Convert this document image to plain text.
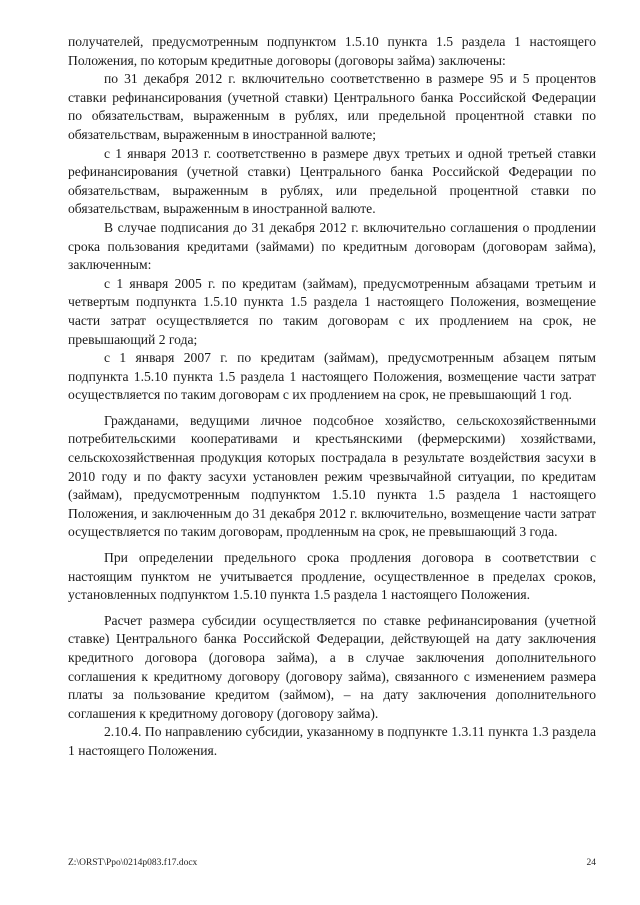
получателей, предусмотренным подпунктом 1.5.10 пункта 1.5 раздела 1 настоящего Положения, по которым кредитные договоры (договоры займа) заключены:

по 31 декабря 2012 г. включительно соответственно в размере 95 и 5 процентов ставки рефинансирования (учетной ставки) Центрального банка Российской Федерации по обязательствам, выраженным в рублях, или предельной процентной ставки по обязательствам, выраженным в иностранной валюте;

с 1 января 2013 г. соответственно в размере двух третьих и одной третьей ставки рефинансирования (учетной ставки) Центрального банка Российской Федерации по обязательствам, выраженным в рублях, или предельной процентной ставки по обязательствам, выраженным в иностранной валюте.

В случае подписания до 31 декабря 2012 г. включительно соглашения о продлении срока пользования кредитами (займами) по кредитным договорам (договорам займа), заключенным:

с 1 января 2005 г. по кредитам (займам), предусмотренным абзацами третьим и четвертым подпункта 1.5.10 пункта 1.5 раздела 1 настоящего Положения, возмещение части затрат осуществляется по таким договорам с их продлением на срок, не превышающий 2 года;

с 1 января 2007 г. по кредитам (займам), предусмотренным абзацем пятым подпункта 1.5.10 пункта 1.5 раздела 1 настоящего Положения, возмещение части затрат осуществляется по таким договорам с их продлением на срок, не превышающий 1 год.

Гражданами, ведущими личное подсобное хозяйство, сельскохозяйственными потребительскими кооперативами и крестьянскими (фермерскими) хозяйствами, сельскохозяйственная продукция которых пострадала в результате воздействия засухи в 2010 году и по факту засухи установлен режим чрезвычайной ситуации, по кредитам (займам), предусмотренным подпунктом 1.5.10 пункта 1.5 раздела 1 настоящего Положения, и заключенным до 31 декабря 2012 г. включительно, возмещение части затрат осуществляется по таким договорам, продленным на срок, не превышающий 3 года.

При определении предельного срока продления договора в соответствии с настоящим пунктом не учитывается продление, осуществленное в пределах сроков, установленных подпунктом 1.5.10 пункта 1.5 раздела 1 настоящего Положения.

Расчет размера субсидии осуществляется по ставке рефинансирования (учетной ставке) Центрального банка Российской Федерации, действующей на дату заключения кредитного договора (договора займа), а в случае заключения дополнительного соглашения к кредитному договору (договору займа), связанного с изменением размера платы за пользование кредитом (займом), – на дату заключения дополнительного соглашения к кредитному договору (договору займа).

2.10.4. По направлению субсидии, указанному в подпункте 1.3.11 пункта 1.3 раздела 1 настоящего Положения.

Z:\ORST\Ppo\0214p083.f17.docx	24
